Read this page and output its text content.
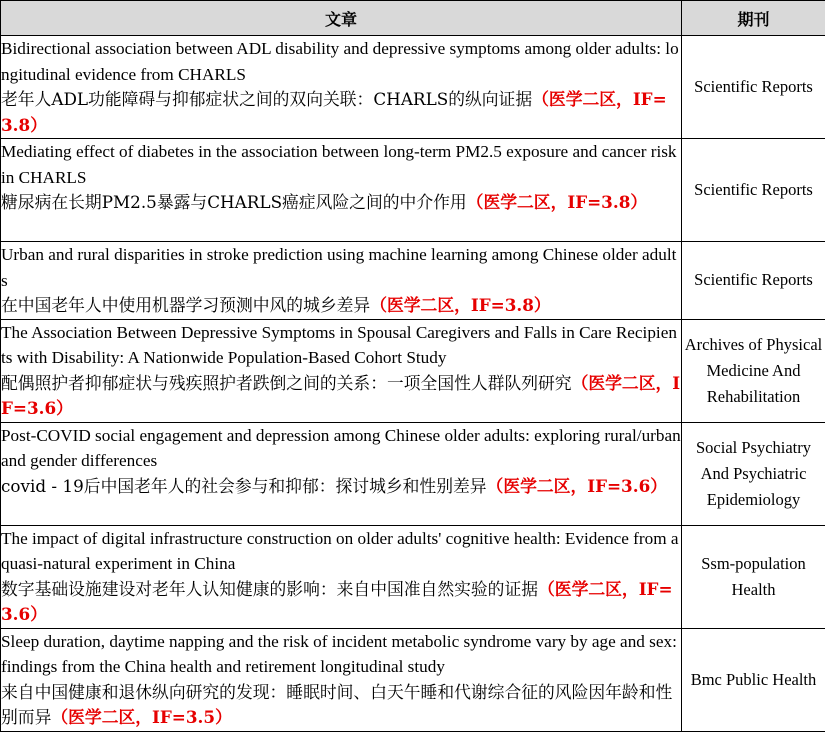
文章	期刊
Bidirectional association between ADL disability and depressive symptoms among older adults: longitudinal evidence from CHARLS
老年人ADL功能障碍与抑郁症状之间的双向关联：CHARLS的纵向证据（医学二区，IF=3.8）	Scientific Reports
Mediating effect of diabetes in the association between long-term PM2.5 exposure and cancer risk in CHARLS
糖尿病在长期PM2.5暴露与CHARLS癌症风险之间的中介作用（医学二区，IF=3.8）	Scientific Reports
Urban and rural disparities in stroke prediction using machine learning among Chinese older adults
在中国老年人中使用机器学习预测中风的城乡差异（医学二区，IF=3.8）	Scientific Reports
The Association Between Depressive Symptoms in Spousal Caregivers and Falls in Care Recipients with Disability: A Nationwide Population-Based Cohort Study
配偶照护者抑郁症状与残疾照护者跌倒之间的关系：一项全国性人群队列研究（医学二区，IF=3.6）	Archives of Physical Medicine And Rehabilitation
Post-COVID social engagement and depression among Chinese older adults: exploring rural/urban and gender differences
covid - 19后中国老年人的社会参与和抑郁：探讨城乡和性别差异（医学二区，IF=3.6）	Social Psychiatry And Psychiatric Epidemiology
The impact of digital infrastructure construction on older adults' cognitive health: Evidence from a quasi-natural experiment in China
数字基础设施建设对老年人认知健康的影响：来自中国准自然实验的证据（医学二区，IF=3.6）	Ssm-population Health
Sleep duration, daytime napping and the risk of incident metabolic syndrome vary by age and sex: findings from the China health and retirement longitudinal study
来自中国健康和退休纵向研究的发现：睡眠时间、白天午睡和代谢综合征的风险因年龄和性别而异（医学二区，IF=3.5）	Bmc Public Health
